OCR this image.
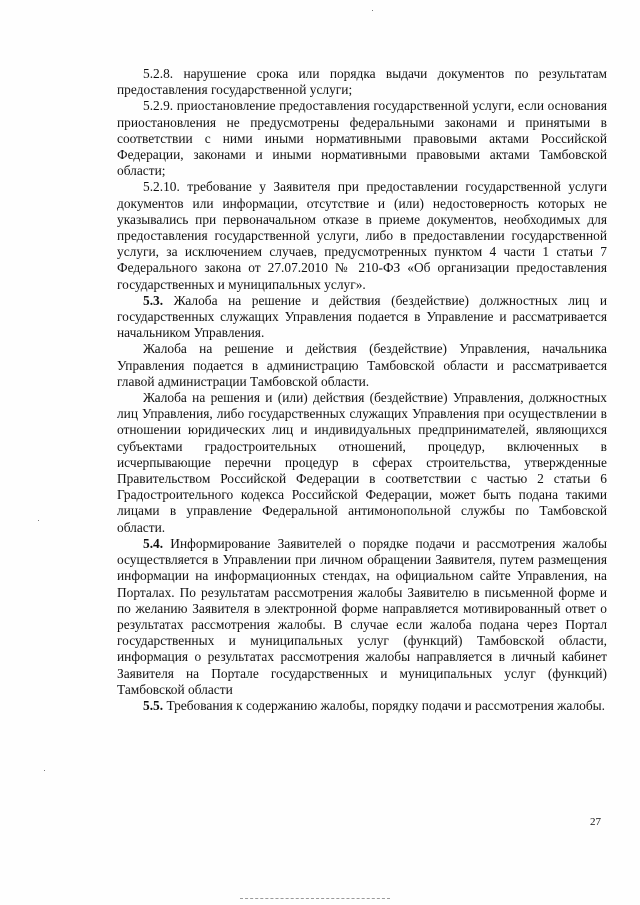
5.2.8. нарушение срока или порядка выдачи документов по результатам предоставления государственной услуги;

5.2.9. приостановление предоставления государственной услуги, если основания приостановления не предусмотрены федеральными законами и принятыми в соответствии с ними иными нормативными правовыми актами Российской Федерации, законами и иными нормативными правовыми актами Тамбовской области;

5.2.10. требование у Заявителя при предоставлении государственной услуги документов или информации, отсутствие и (или) недостоверность которых не указывались при первоначальном отказе в приеме документов, необходимых для предоставления государственной услуги, либо в предоставлении государственной услуги, за исключением случаев, предусмотренных пунктом 4 части 1 статьи 7 Федерального закона от 27.07.2010 № 210-ФЗ «Об организации предоставления государственных и муниципальных услуг».

5.3. Жалоба на решение и действия (бездействие) должностных лиц и государственных служащих Управления подается в Управление и рассматривается начальником Управления.

Жалоба на решение и действия (бездействие) Управления, начальника Управления подается в администрацию Тамбовской области и рассматривается главой администрации Тамбовской области.

Жалоба на решения и (или) действия (бездействие) Управления, должностных лиц Управления, либо государственных служащих Управления при осуществлении в отношении юридических лиц и индивидуальных предпринимателей, являющихся субъектами градостроительных отношений, процедур, включенных в исчерпывающие перечни процедур в сферах строительства, утвержденные Правительством Российской Федерации в соответствии с частью 2 статьи 6 Градостроительного кодекса Российской Федерации, может быть подана такими лицами в управление Федеральной антимонопольной службы по Тамбовской области.

5.4. Информирование Заявителей о порядке подачи и рассмотрения жалобы осуществляется в Управлении при личном обращении Заявителя, путем размещения информации на информационных стендах, на официальном сайте Управления, на Порталах. По результатам рассмотрения жалобы Заявителю в письменной форме и по желанию Заявителя в электронной форме направляется мотивированный ответ о результатах рассмотрения жалобы. В случае если жалоба подана через Портал государственных и муниципальных услуг (функций) Тамбовской области, информация о результатах рассмотрения жалобы направляется в личный кабинет Заявителя на Портале государственных и муниципальных услуг (функций) Тамбовской области

5.5. Требования к содержанию жалобы, порядку подачи и рассмотрения жалобы.

27
